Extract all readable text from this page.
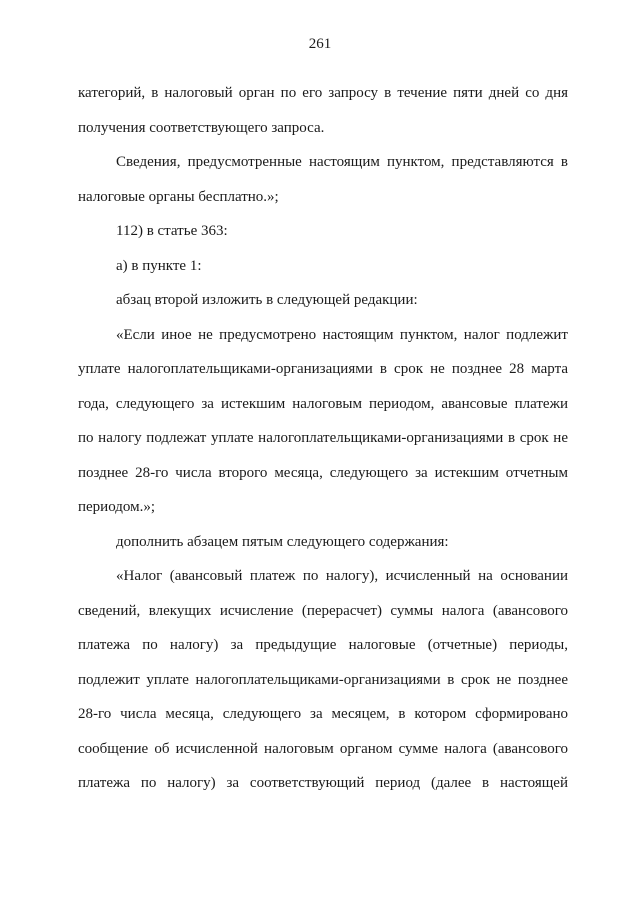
261
категорий, в налоговый орган по его запросу в течение пяти дней со дня
получения соответствующего запроса.
Сведения, предусмотренные настоящим пунктом, представляются в
налоговые органы бесплатно.»;
112) в статье 363:
а) в пункте 1:
абзац второй изложить в следующей редакции:
«Если иное не предусмотрено настоящим пунктом, налог подлежит
уплате налогоплательщиками-организациями в срок не позднее 28 марта
года, следующего за истекшим налоговым периодом, авансовые платежи
по налогу подлежат уплате налогоплательщиками-организациями в срок не
позднее 28-го числа второго месяца, следующего за истекшим отчетным
периодом.»;
дополнить абзацем пятым следующего содержания:
«Налог (авансовый платеж по налогу), исчисленный на основании
сведений, влекущих исчисление (перерасчет) суммы налога (авансового
платежа по налогу) за предыдущие налоговые (отчетные) периоды,
подлежит уплате налогоплательщиками-организациями в срок не позднее
28-го числа месяца, следующего за месяцем, в котором сформировано
сообщение об исчисленной налоговым органом сумме налога (авансового
платежа по налогу) за соответствующий период (далее в настоящей
